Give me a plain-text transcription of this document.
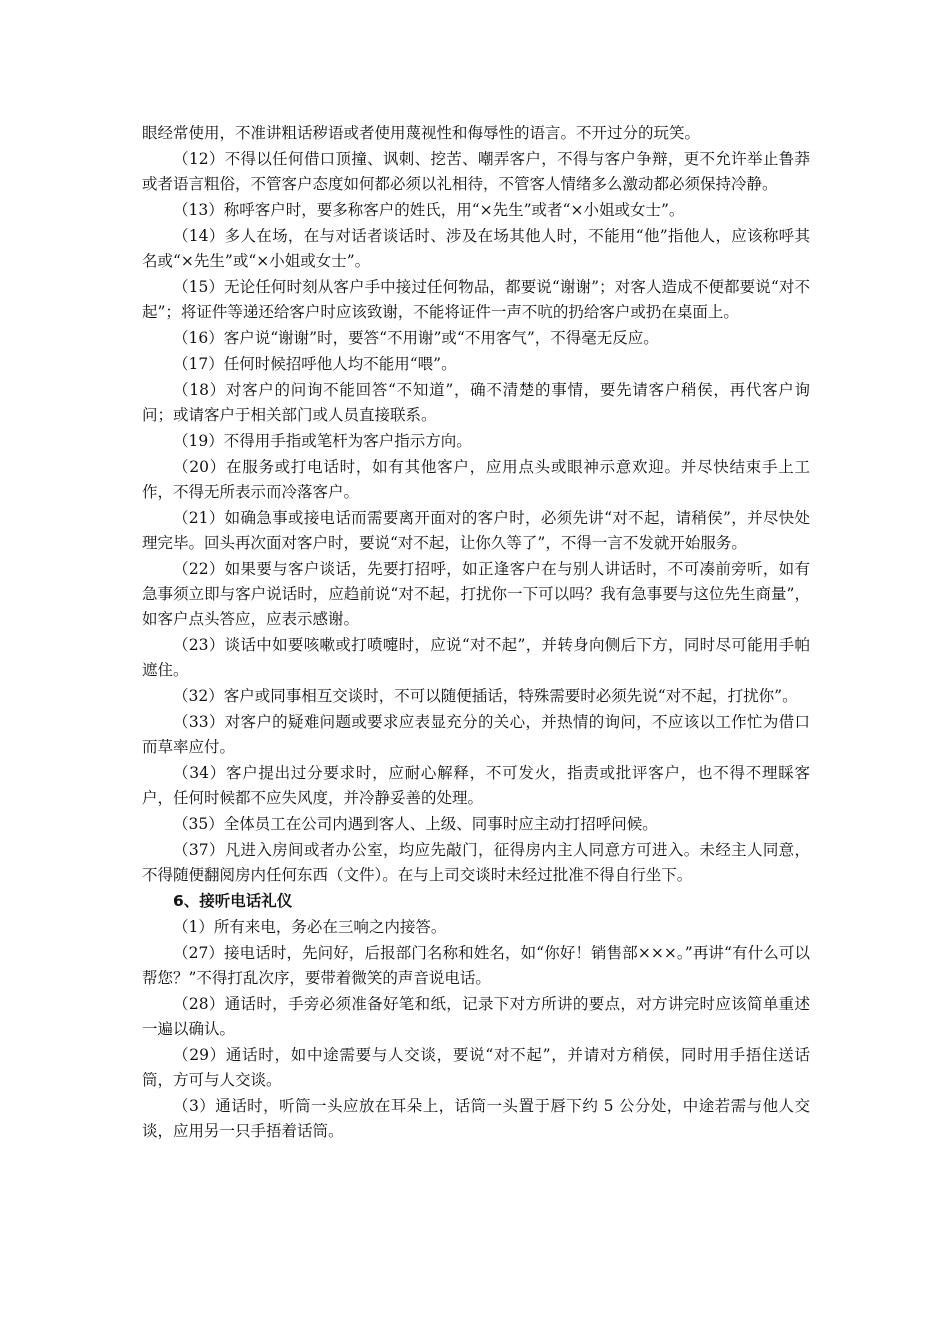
眼经常使用，不准讲粗话秽语或者使用蔑视性和侮辱性的语言。不开过分的玩笑。

（12）不得以任何借口顶撞、讽刺、挖苦、嘲弄客户，不得与客户争辩，更不允许举止鲁莽或者语言粗俗，不管客户态度如何都必须以礼相待，不管客人情绪多么激动都必须保持冷静。

（13）称呼客户时，要多称客户的姓氏，用“×先生”或者“×小姐或女士”。

（14）多人在场，在与对话者谈话时、涉及在场其他人时，不能用“他”指他人，应该称呼其名或“×先生”或“×小姐或女士”。

（15）无论任何时刻从客户手中接过任何物品，都要说“谢谢”；对客人造成不便都要说“对不起”；将证件等递还给客户时应该致谢，不能将证件一声不吭的扔给客户或扔在桌面上。

（16）客户说“谢谢”时，要答“不用谢”或“不用客气”，不得毫无反应。

（17）任何时候招呼他人均不能用“喂”。

（18）对客户的问询不能回答“不知道”，确不清楚的事情，要先请客户稍侯，再代客户询问；或请客户于相关部门或人员直接联系。

（19）不得用手指或笔杆为客户指示方向。

（20）在服务或打电话时，如有其他客户，应用点头或眼神示意欢迎。并尽快结束手上工作，不得无所表示而冷落客户。

（21）如确急事或接电话而需要离开面对的客户时，必须先讲“对不起，请稍侯”，并尽快处理完毕。回头再次面对客户时，要说“对不起，让你久等了”，不得一言不发就开始服务。

（22）如果要与客户谈话，先要打招呼，如正逢客户在与别人讲话时，不可凑前旁听，如有急事须立即与客户说话时，应趋前说“对不起，打扰你一下可以吗？我有急事要与这位先生商量”，如客户点头答应，应表示感谢。

（23）谈话中如要咳嗽或打喷嚏时，应说“对不起”，并转身向侧后下方，同时尽可能用手帕遮住。

（32）客户或同事相互交谈时，不可以随便插话，特殊需要时必须先说“对不起，打扰你”。

（33）对客户的疑难问题或要求应表显充分的关心，并热情的询问，不应该以工作忙为借口而草率应付。

（34）客户提出过分要求时，应耐心解释，不可发火，指责或批评客户，也不得不理睬客户，任何时候都不应失风度，并冷静妥善的处理。

（35）全体员工在公司内遇到客人、上级、同事时应主动打招呼问候。

（37）凡进入房间或者办公室，均应先敲门，征得房内主人同意方可进入。未经主人同意，不得随便翻阅房内任何东西（文件）。在与上司交谈时未经过批准不得自行坐下。

6、接听电话礼仪

（1）所有来电，务必在三响之内接答。

（27）接电话时，先问好，后报部门名称和姓名，如“你好！销售部×××。”再讲“有什么可以帮您？”不得打乱次序，要带着微笑的声音说电话。

（28）通话时，手旁必须准备好笔和纸，记录下对方所讲的要点，对方讲完时应该简单重述一遍以确认。

（29）通话时，如中途需要与人交谈，要说“对不起”，并请对方稍侯，同时用手捂住送话筒，方可与人交谈。

（3）通话时，听筒一头应放在耳朵上，话筒一头置于唇下约 5 公分处，中途若需与他人交谈，应用另一只手捂着话筒。
